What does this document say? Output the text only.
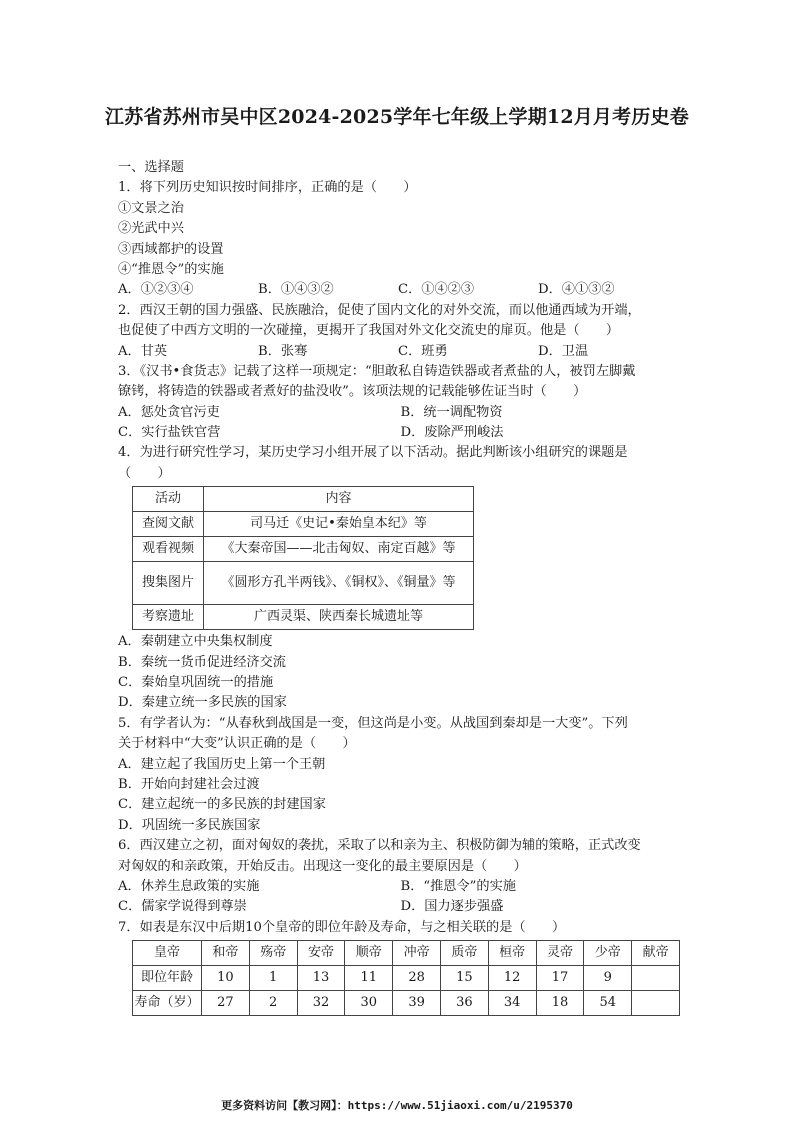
江苏省苏州市吴中区2024-2025学年七年级上学期12月月考历史卷
一、选择题
1．将下列历史知识按时间排序，正确的是（　　）
①文景之治
②光武中兴
③西域都护的设置
④“推恩令”的实施
A．①②③④	B．①④③②	C．①④②③	D．④①③②
2．西汉王朝的国力强盛、民族融洽，促使了国内文化的对外交流，而以他通西域为开端，
也促使了中西方文明的一次碰撞，更揭开了我国对外文化交流史的扉页。他是（　　）
A．甘英	B．张骞	C．班勇	D．卫温
3．《汉书•食货志》记载了这样一项规定：“胆敢私自铸造铁器或者煮盐的人，被罚左脚戴
镣铐，将铸造的铁器或者煮好的盐没收”。该项法规的记载能够佐证当时（　　）
A．惩处贪官污吏	B．统一调配物资
C．实行盐铁官营	D．废除严刑峻法
4．为进行研究性学习，某历史学习小组开展了以下活动。据此判断该小组研究的课题是
（　　）
活动	内容
查阅文献	司马迁《史记•秦始皇本纪》等
观看视频	《大秦帝国——北击匈奴、南定百越》等
搜集图片	《圆形方孔半两钱》、《铜权》、《铜量》等
考察遗址	广西灵渠、陕西秦长城遗址等
A．秦朝建立中央集权制度
B．秦统一货币促进经济交流
C．秦始皇巩固统一的措施
D．秦建立统一多民族的国家
5．有学者认为：“从春秋到战国是一变，但这尚是小变。从战国到秦却是一大变”。下列
关于材料中“大变”认识正确的是（　　）
A．建立起了我国历史上第一个王朝
B．开始向封建社会过渡
C．建立起统一的多民族的封建国家
D．巩固统一多民族国家
6．西汉建立之初，面对匈奴的袭扰，采取了以和亲为主、积极防御为辅的策略，正式改变
对匈奴的和亲政策，开始反击。出现这一变化的最主要原因是（　　）
A．休养生息政策的实施	B．“推恩令”的实施
C．儒家学说得到尊崇	D．国力逐步强盛
7．如表是东汉中后期10个皇帝的即位年龄及寿命，与之相关联的是（　　）
皇帝	和帝	殇帝	安帝	顺帝	冲帝	质帝	桓帝	灵帝	少帝	献帝
即位年龄	10	1	13	11	28	15	12	17	9	
寿命（岁）	27	2	32	30	39	36	34	18	54	
更多资料访问【教习网】：https://www.51jiaoxi.com/u/2195370
